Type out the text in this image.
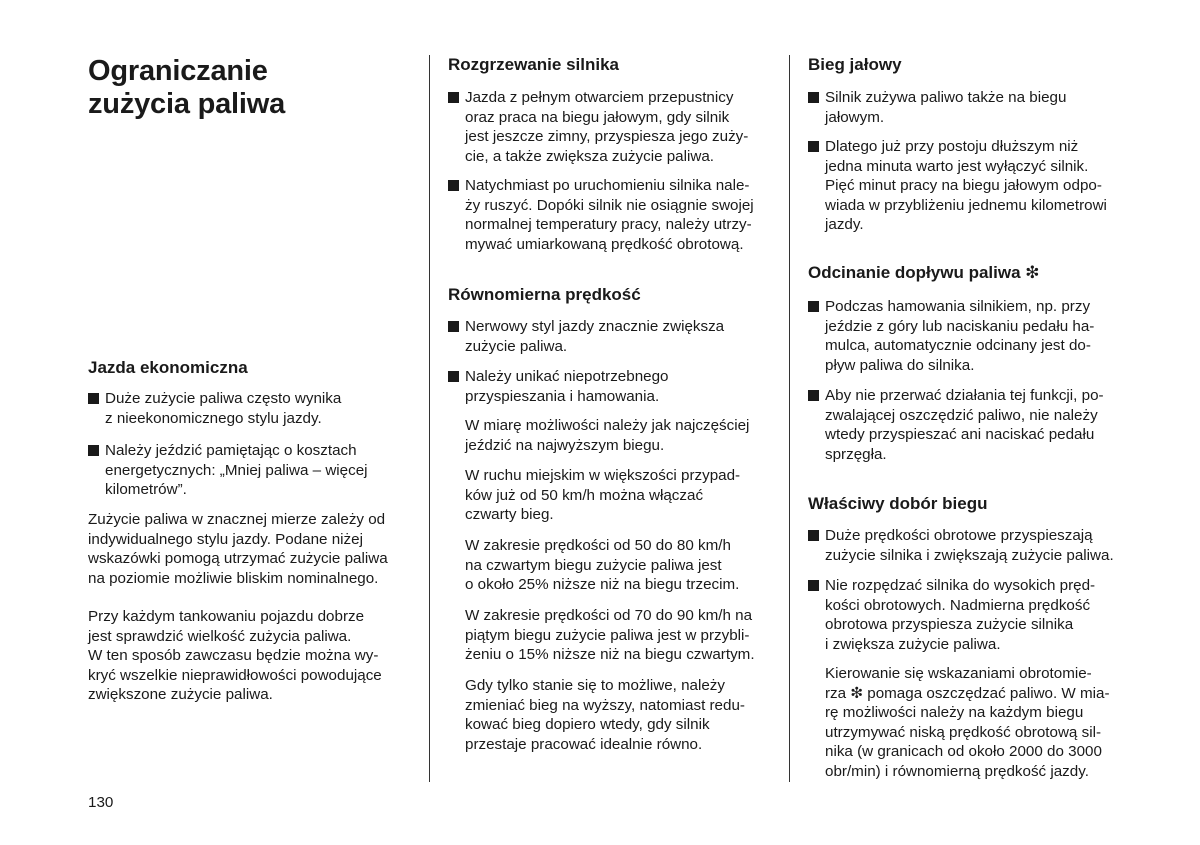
Ograniczanie
zużycia paliwa
Jazda ekonomiczna
Duże zużycie paliwa często wynika
z nieekonomicznego stylu jazdy.
Należy jeździć pamiętając o kosztach
energetycznych: „Mniej paliwa – więcej
kilometrów”.

Zużycie paliwa w znacznej mierze zależy od
indywidualnego stylu jazdy. Podane niżej
wskazówki pomogą utrzymać zużycie paliwa
na poziomie możliwie bliskim nominalnego.

Przy każdym tankowaniu pojazdu dobrze
jest sprawdzić wielkość zużycia paliwa.
W ten sposób zawczasu będzie można wy-
kryć wszelkie nieprawidłowości powodujące
zwiększone zużycie paliwa.

Rozgrzewanie silnika
Jazda z pełnym otwarciem przepustnicy
oraz praca na biegu jałowym, gdy silnik
jest jeszcze zimny, przyspiesza jego zuży-
cie, a także zwiększa zużycie paliwa.
Natychmiast po uruchomieniu silnika nale-
ży ruszyć. Dopóki silnik nie osiągnie swojej
normalnej temperatury pracy, należy utrzy-
mywać umiarkowaną prędkość obrotową.
Równomierna prędkość
Nerwowy styl jazdy znacznie zwiększa
zużycie paliwa.
Należy unikać niepotrzebnego
przyspieszania i hamowania.

W miarę możliwości należy jak najczęściej
jeździć na najwyższym biegu.

W ruchu miejskim w większości przypad-
ków już od 50 km/h można włączać
czwarty bieg.

W zakresie prędkości od 50 do 80 km/h
na czwartym biegu zużycie paliwa jest
o około 25% niższe niż na biegu trzecim.

W zakresie prędkości od 70 do 90 km/h na
piątym biegu zużycie paliwa jest w przybli-
żeniu o 15% niższe niż na biegu czwartym.

Gdy tylko stanie się to możliwe, należy
zmieniać bieg na wyższy, natomiast redu-
kować bieg dopiero wtedy, gdy silnik
przestaje pracować idealnie równo.

Bieg jałowy
Silnik zużywa paliwo także na biegu
jałowym.
Dlatego już przy postoju dłuższym niż
jedna minuta warto jest wyłączyć silnik.
Pięć minut pracy na biegu jałowym odpo-
wiada w przybliżeniu jednemu kilometrowi
jazdy.
Odcinanie dopływu paliwa ❇
Podczas hamowania silnikiem, np. przy
jeździe z góry lub naciskaniu pedału ha-
mulca, automatycznie odcinany jest do-
pływ paliwa do silnika.
Aby nie przerwać działania tej funkcji, po-
zwalającej oszczędzić paliwo, nie należy
wtedy przyspieszać ani naciskać pedału
sprzęgła.
Właściwy dobór biegu
Duże prędkości obrotowe przyspieszają
zużycie silnika i zwiększają zużycie paliwa.
Nie rozpędzać silnika do wysokich pręd-
kości obrotowych. Nadmierna prędkość
obrotowa przyspiesza zużycie silnika
i zwiększa zużycie paliwa.

Kierowanie się wskazaniami obrotomie-
rza ❇ pomaga oszczędzać paliwo. W mia-
rę możliwości należy na każdym biegu
utrzymywać niską prędkość obrotową sil-
nika (w granicach od około 2000 do 3000
obr/min) i równomierną prędkość jazdy.

130
